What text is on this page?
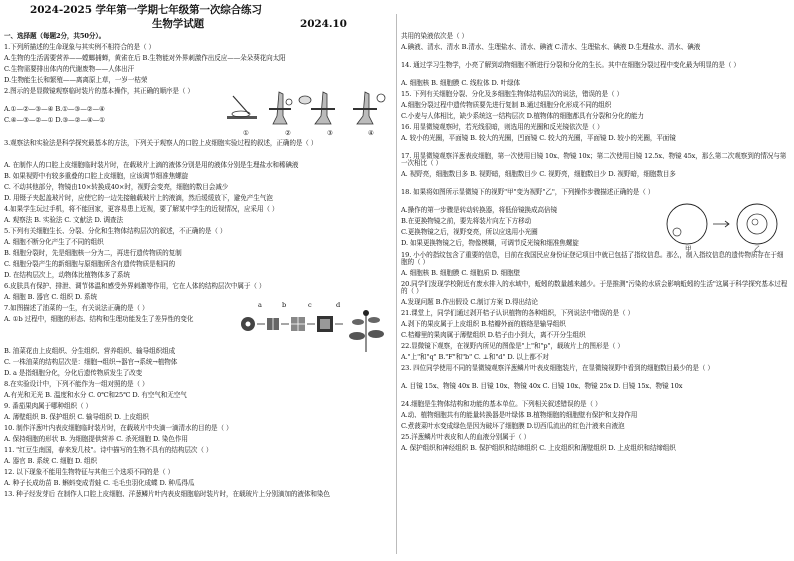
2024-2025 学年第一学期七年级第一次综合练习
生物学试题	2024.10
一、选择题（每题2分，共50分）。
1.下列所描述的生命现象与其实例不相符合的是（ ）
A.生物的生活需要营养——螳螂捕蝉，黄雀在后 B.生物能对外界刺激作出反应——朵朵葵花向太阳
C.生物需要排出体内的代谢废物——人体出汗
D.生物能生长和繁殖——离离原上草，一岁一枯荣
2.图示的是显微镜观察临时装片的基本操作，其正确的顺序是（ ）
A.①—②—③—④ B.①—③—②—④
C.④—③—②—① D.③—②—④—①
①	②	③	④
3.观察法和实验法是科学探究最基本的方法，下列关于观察人的口腔上皮细胞实验过程的叙述，正确的是（ ）
A. 在制作人的口腔上皮细胞临时装片时，在载玻片上滴的液体分别是用的液体分别是生理盐水和稀碘液
B. 如果视野中有较多重叠的口腔上皮细胞，应该调节细准焦螺旋
C. 不动其他部分，物镜由10×转换成40×时，视野会变亮，细胞的数目会减少
D. 用镊子夹起盖玻片时，应使它的一边先接触载玻片上的液滴，然后缓缓放下，避免产生气泡
4.如果学生玩过手机，将不能回家，更容易患上近视，要了解某中学生的近视情况，应采用（ ）
A. 观察法 B. 实验法 C. 文献法 D. 调查法
5.下列有关细胞生长、分裂、分化和生物体结构层次的叙述，不正确的是（ ）
A. 细胞不断分化产生了不同的组织
B. 细胞分裂时，先是细胞核一分为二，再进行遗传物质的复制
C. 细胞分裂产生的新细胞与原细胞所含有遗传物质是相同的
D. 在结构层次上，动物体比植物体多了系统
6.皮肤具有保护、排泄、调节体温和感受外界刺激等作用，它在人体的结构层次中属于（ ）
A. 细胞 B. 器官 C. 组织 D. 系统
7.如图描述了油菜的一生，有关说法正确的是（ ）
A. ①b 过程中，细胞的形态、结构和生理功能发生了差异性的变化
a	b	c	d
B. 油菜花由上皮组织、分生组织、营养组织、输导组织组成
C. 一株油菜的结构层次是：细胞→组织→器官→系统→植物体
D. a 是指细胞分化，分化后遗传物质发生了改变
8.在实验设计中，下列不能作为一组对照的是（ ）
A.有光和无光 B. 温度和水分 C. 0℃和25℃ D. 有空气和无空气
9. 番茄果肉属于哪种组织（ ）
A. 薄壁组织 B. 保护组织 C. 输导组织 D. 上皮组织
10. 制作洋葱叶内表皮细胞临时装片时，在载玻片中央滴一滴清水的目的是（ ）
A. 保持细胞的形状 B. 为细胞提供营养 C. 杀死细胞 D. 染色作用
11. "红豆生南国，春来发几枝"。诗中描写的生物不具有的结构层次（ ）
A. 器官 B. 系统 C. 细胞 D. 组织
12. 以下现象不能用生物特征与其他三个选项不同的是（ ）
A. 种子长成幼苗 B. 蝌蚪变成青蛙 C. 毛毛虫羽化成蝶 D. 种瓜得瓜
13. 种子经发芽后 在制作人口腔上皮细胞、洋葱鳞片叶内表皮细胞临时装片时，在载玻片上分别滴加的液体和染色
共用的染液依次是（ ）
A.碘液、清水、清水 B.清水、生理盐水、清水、碘液 C.清水、生理盐水、碘液 D.生理盐水、清水、碘液
14. 通过学习生物学，小亮了解到动物细胞不断进行分裂和分化的生长。其中在细胞分裂过程中变化最为明显的是（ ）
A. 细胞核 B. 细胞膜 C. 线粒体 D. 叶绿体
15. 下列有关细胞分裂、分化及多细胞生物体结构层次的说法，错误的是（ ）
A.细胞分裂过程中遗传物质要先进行复制 B.通过细胞分化形成不同的组织
C.小麦与人体相比，缺少系统这一结构层次 D.植物体的细胞都具有分裂和分化的能力
16. 用显微镜观察时，若光线很暗，则选用的光圈和反光镜依次是（ ）
A. 较小的光圈，平面镜 B. 较大的光圈，凹面镜 C. 较大的光圈，平面镜 D. 较小的光圈，平面镜
17. 用显微镜观察洋葱表皮细胞，第一次使用目镜 10x、物镜 10x；第二次使用目镜 12.5x、物镜 45x，那么第二次观察到的情况与第一次相比（ ）
A. 视野亮，细胞数目多 B. 视野暗，细胞数目少 C. 视野亮，细胞数目少 D. 视野暗，细胞数目多
18. 如果将如图所示显微镜下的视野"甲"变为视野"乙"，下列操作步骤描述正确的是（ ）
A.操作的第一步骤是转动转换器，将低倍镜换成高倍镜
B.在更换物镜之前，要先将装片向左下方移动
C.更换物镜之后，视野变亮，所以应选用小光圈
D. 如果更换物镜之后，物像模糊，可调节反光镜和细准焦螺旋
甲	乙
19. 小小的指纹包含了重要的信息，目前在我国民应身份证登记项目中就已包括了指纹信息。那么，制入指纹信息的遗传物质存在于细胞的（ ）
A. 细胞核 B. 细胞膜 C. 细胞质 D. 细胞壁
20.同学们发现学校附近有废水排入的水域中，蚯蚓的数量越来越少。于是推测"污染的水质会影响蚯蚓的生活"这属于科学探究基本过程的（ ）
A.发现问题 B.作出假设 C.制订方案 D.得出结论
21.课堂上，同学们通过剥开桔子认识植物的各种组织，下列说法中错误的是（ ）
A.剥下的果皮属于上皮组织 B.桔瓣外面的筋络是输导组织
C.桔瓣里的果肉属于薄壁组织 D.桔子由小到大，离不开分生组织
22.显微镜下观察，在视野内所见的图像是"上"和"p"，载玻片上的图形是（ ）
A."上"和"q" B."F"和"b" C. ⊥和"d" D. 以上都不对
23. 四位同学使用不同的显微镜观察洋葱鳞片叶表皮细胞装片，在显微镜视野中看到的细胞数目最少的是（ ）
A. 目镜 15x、物镜 40x B. 目镜 10x、物镜 40x C. 目镜 10x、物镜 25x D. 目镜 15x、物镜 10x
24.细胞是生物体结构和功能的基本单位。下列相关叙述错误的是（ ）
A.动、植物细胞共有的能量转换器是叶绿体 B.植物细胞的细胞壁有保护和支持作用
C.煮菠菜叶水变成绿色是因为破坏了细胞膜 D.切西瓜流出的红色汁液来自液泡
25.洋葱鳞片叶表皮和人的血液分别属于（ ）
A. 保护组织和神经组织 B. 保护组织和结缔组织 C. 上皮组织和薄壁组织 D. 上皮组织和结缔组织
